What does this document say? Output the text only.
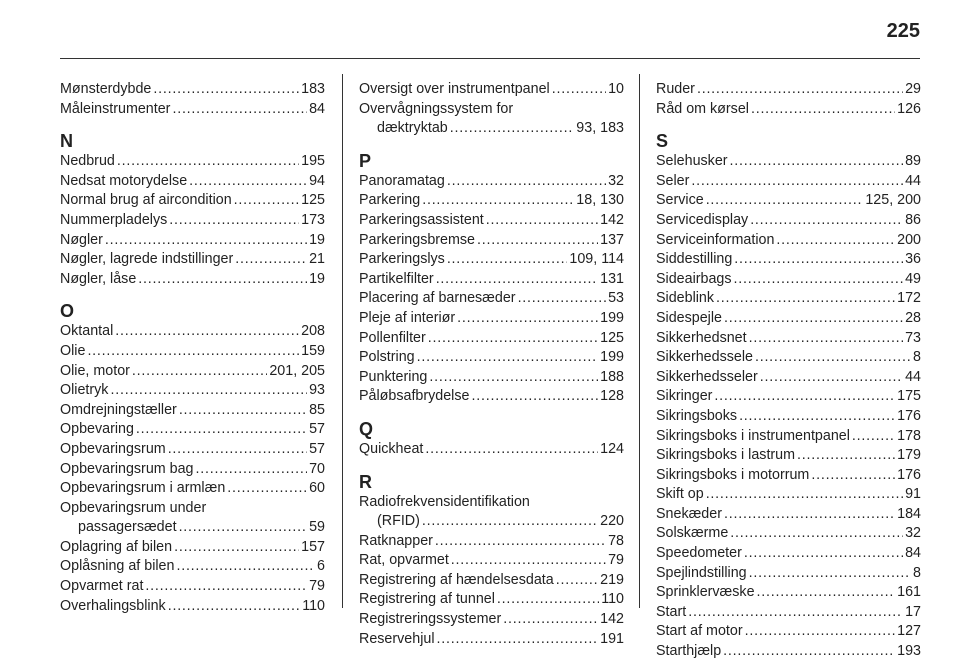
225
Mønsterdybde . . .	183
Måleinstrumenter . . .	84
N
Nedbrud . . .	195
Nedsat motorydelse . . .	94
Normal brug af aircondition . . .	125
Nummerpladelys . . .	173
Nøgler . . .	19
Nøgler, lagrede indstillinger . . .	21
Nøgler, låse . . .	19
O
Oktantal . . .	208
Olie . . .	159
Olie, motor . . .	201, 205
Olietryk . . .	93
Omdrejningstæller . . .	85
Opbevaring . . .	57
Opbevaringsrum . . .	57
Opbevaringsrum bag . . .	70
Opbevaringsrum i armlæn . . .	60
Opbevaringsrum under
passagersædet . . .	59
Oplagring af bilen . . .	157
Oplåsning af bilen . . .	6
Opvarmet rat . . .	79
Overhalingsblink . . .	110
Oversigt over instrumentpanel . . .	10
Overvågningssystem for
dæktryktab . . .	93, 183
P
Panoramatag . . .	32
Parkering . . .	18, 130
Parkeringsassistent . . .	142
Parkeringsbremse . . .	137
Parkeringslys . . .	109, 114
Partikelfilter . . .	131
Placering af barnesæder . . .	53
Pleje af interiør . . .	199
Pollenfilter . . .	125
Polstring . . .	199
Punktering . . .	188
Påløbsafbrydelse . . .	128
Q
Quickheat . . .	124
R
Radiofrekvensidentifikation
(RFID) . . .	220
Ratknapper . . .	78
Rat, opvarmet . . .	79
Registrering af hændelsesdata . . .	219
Registrering af tunnel . . .	110
Registreringssystemer . . .	142
Reservehjul . . .	191
Ruder . . .	29
Råd om kørsel . . .	126
S
Selehusker . . .	89
Seler . . .	44
Service . . .	125, 200
Servicedisplay . . .	86
Serviceinformation . . .	200
Siddestilling . . .	36
Sideairbags . . .	49
Sideblink . . .	172
Sidespejle . . .	28
Sikkerhedsnet . . .	73
Sikkerhedssele . . .	8
Sikkerhedsseler . . .	44
Sikringer . . .	175
Sikringsboks . . .	176
Sikringsboks i instrumentpanel . . .	178
Sikringsboks i lastrum . . .	179
Sikringsboks i motorrum . . .	176
Skift op . . .	91
Snekæder . . .	184
Solskærme . . .	32
Speedometer . . .	84
Spejlindstilling . . .	8
Sprinklervæske . . .	161
Start . . .	17
Start af motor . . .	127
Starthjælp . . .	193
